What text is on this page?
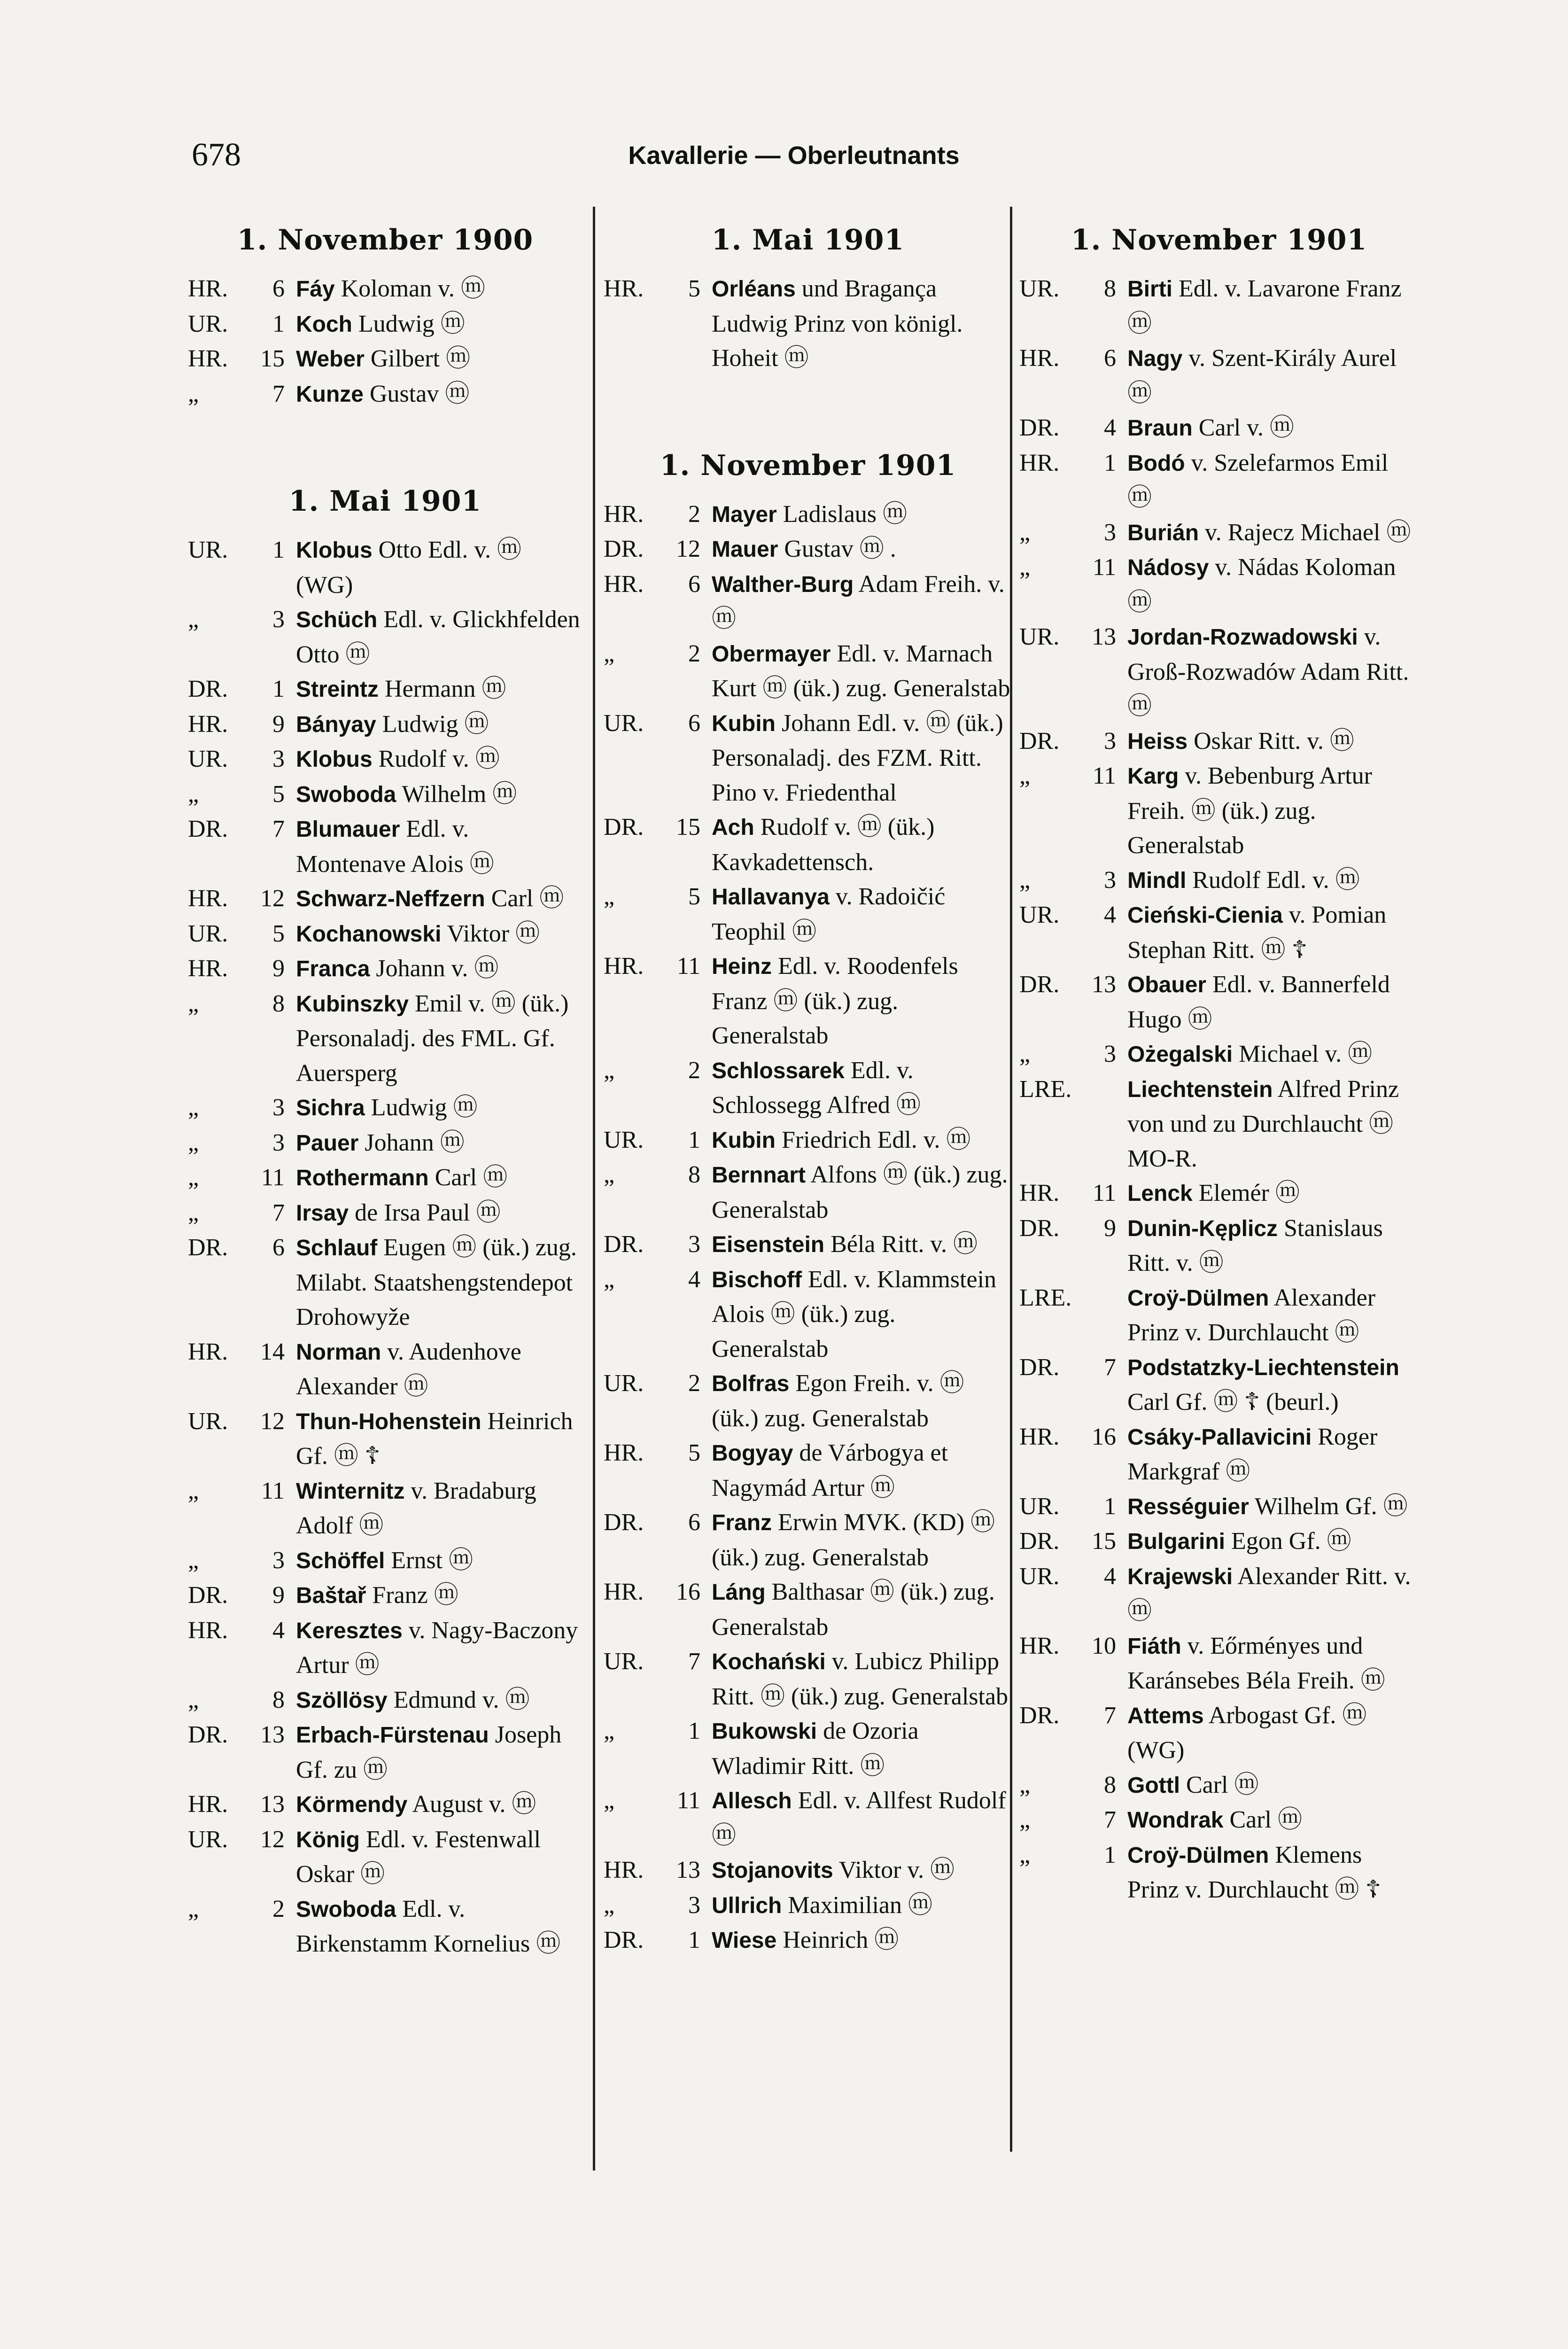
678	Kavallerie — Oberleutnants
1. November 1900
HR.	6 Fáy Koloman v. ⓜ
UR.	1 Koch Ludwig ⓜ
HR.	15 Weber Gilbert ⓜ
„	7 Kunze Gustav ⓜ
1. Mai 1901
UR.	1 Klobus Otto Edl. v. ⓜ (WG)
„	3 Schüch Edl. v. Glickhfelden Otto ⓜ
DR.	1 Streintz Hermann ⓜ
HR.	9 Bányay Ludwig ⓜ
UR.	3 Klobus Rudolf v. ⓜ
„	5 Swoboda Wilhelm ⓜ
DR.	7 Blumauer Edl. v. Montenave Alois ⓜ
HR.	12 Schwarz-Neffzern Carl ⓜ
UR.	5 Kochanowski Viktor ⓜ
HR.	9 Franca Johann v. ⓜ
„	8 Kubinszky Emil v. ⓜ (ük.) Personaladj. des FML. Gf. Auersperg
„	3 Sichra Ludwig ⓜ
„	3 Pauer Johann ⓜ
„	11 Rothermann Carl ⓜ
„	7 Irsay de Irsa Paul ⓜ
DR.	6 Schlauf Eugen ⓜ (ük.) zug. Milabt. Staatshengstendepot Drohowyže
HR.	14 Norman v. Audenhove Alexander ⓜ
UR.	12 Thun-Hohenstein Heinrich Gf. ⓜ ☦
„	11 Winternitz v. Bradaburg Adolf ⓜ
„	3 Schöffel Ernst ⓜ
DR.	9 Baštař Franz ⓜ
HR.	4 Keresztes v. Nagy-Baczony Artur ⓜ
„	8 Szöllösy Edmund v. ⓜ
DR.	13 Erbach-Fürstenau Joseph Gf. zu ⓜ
HR.	13 Körmendy August v. ⓜ
UR.	12 König Edl. v. Festenwall Oskar ⓜ
„	2 Swoboda Edl. v. Birkenstamm Kornelius ⓜ
1. Mai 1901
HR.	5 Orléans und Bragança Ludwig Prinz von königl. Hoheit ⓜ
1. November 1901
HR.	2 Mayer Ladislaus ⓜ
DR.	12 Mauer Gustav ⓜ .
HR.	6 Walther-Burg Adam Freih. v. ⓜ
„	2 Obermayer Edl. v. Marnach Kurt ⓜ (ük.) zug. Generalstab
UR.	6 Kubin Johann Edl. v. ⓜ (ük.) Personaladj. des FZM. Ritt. Pino v. Friedenthal
DR.	15 Ach Rudolf v. ⓜ (ük.) Kavkadettensch.
„	5 Hallavanya v. Radoičić Teophil ⓜ
HR.	11 Heinz Edl. v. Roodenfels Franz ⓜ (ük.) zug. Generalstab
„	2 Schlossarek Edl. v. Schlossegg Alfred ⓜ
UR.	1 Kubin Friedrich Edl. v. ⓜ
„	8 Bernnart Alfons ⓜ (ük.) zug. Generalstab
DR.	3 Eisenstein Béla Ritt. v. ⓜ
„	4 Bischoff Edl. v. Klammstein Alois ⓜ (ük.) zug. Generalstab
UR.	2 Bolfras Egon Freih. v. ⓜ (ük.) zug. Generalstab
HR.	5 Bogyay de Várbogya et Nagymád Artur ⓜ
DR.	6 Franz Erwin MVK. (KD) ⓜ (ük.) zug. Generalstab
HR.	16 Láng Balthasar ⓜ (ük.) zug. Generalstab
UR.	7 Kochański v. Lubicz Philipp Ritt. ⓜ (ük.) zug. Generalstab
„	1 Bukowski de Ozoria Wladimir Ritt. ⓜ
„	11 Allesch Edl. v. Allfest Rudolf ⓜ
HR.	13 Stojanovits Viktor v. ⓜ
„	3 Ullrich Maximilian ⓜ
DR.	1 Wiese Heinrich ⓜ
1. November 1901
UR.	8 Birti Edl. v. Lavarone Franz ⓜ
HR.	6 Nagy v. Szent-Király Aurel ⓜ
DR.	4 Braun Carl v. ⓜ
HR.	1 Bodó v. Szelefarmos Emil ⓜ
„	3 Burián v. Rajecz Michael ⓜ
„	11 Nádosy v. Nádas Koloman ⓜ
UR.	13 Jordan-Rozwadowski v. Groß-Rozwadów Adam Ritt. ⓜ
DR.	3 Heiss Oskar Ritt. v. ⓜ
„	11 Karg v. Bebenburg Artur Freih. ⓜ (ük.) zug. Generalstab
„	3 Mindl Rudolf Edl. v. ⓜ
UR.	4 Cieński-Cienia v. Pomian Stephan Ritt. ⓜ ☦
DR.	13 Obauer Edl. v. Bannerfeld Hugo ⓜ
„	3 Ożegalski Michael v. ⓜ
LRE.	Liechtenstein Alfred Prinz von und zu Durchlaucht ⓜ MO-R.
HR.	11 Lenck Elemér ⓜ
DR.	9 Dunin-Kęplicz Stanislaus Ritt. v. ⓜ
LRE.	Croÿ-Dülmen Alexander Prinz v. Durchlaucht ⓜ
DR.	7 Podstatzky-Liechtenstein Carl Gf. ⓜ ☦ (beurl.)
HR.	16 Csáky-Pallavicini Roger Markgraf ⓜ
UR.	1 Rességuier Wilhelm Gf. ⓜ
DR.	15 Bulgarini Egon Gf. ⓜ
UR.	4 Krajewski Alexander Ritt. v. ⓜ
HR.	10 Fiáth v. Eőrményes und Karánsebes Béla Freih. ⓜ
DR.	7 Attems Arbogast Gf. ⓜ (WG)
„	8 Gottl Carl ⓜ
„	7 Wondrak Carl ⓜ
„	1 Croÿ-Dülmen Klemens Prinz v. Durchlaucht ⓜ ☦
